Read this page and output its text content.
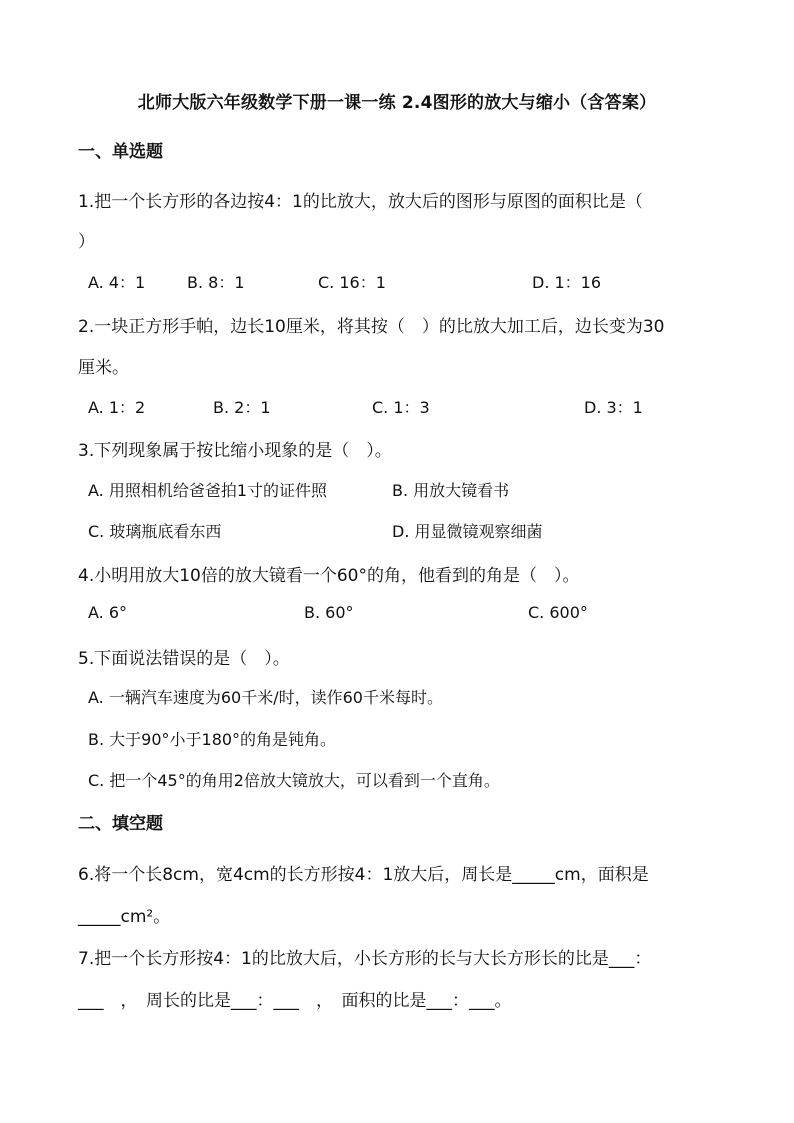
北师大版六年级数学下册一课一练 2.4图形的放大与缩小（含答案）
一、单选题
1.把一个长方形的各边按4：1的比放大，放大后的图形与原图的面积比是（
）
A. 4：1	B. 8：1	C. 16：1	D. 1：16
2.一块正方形手帕，边长10厘米，将其按（　）的比放大加工后，边长变为30
厘米。
A. 1：2	B. 2：1	C. 1：3	D. 3：1
3.下列现象属于按比缩小现象的是（　）。
A. 用照相机给爸爸拍1寸的证件照	B. 用放大镜看书
C. 玻璃瓶底看东西	D. 用显微镜观察细菌
4.小明用放大10倍的放大镜看一个60°的角，他看到的角是（　）。
A. 6°	B. 60°	C. 600°
5.下面说法错误的是（　）。
A. 一辆汽车速度为60千米/时，读作60千米每时。
B. 大于90°小于180°的角是钝角。
C. 把一个45°的角用2倍放大镜放大，可以看到一个直角。
二、填空题
6.将一个长8cm，宽4cm的长方形按4：1放大后，周长是_____cm，面积是
_____cm²。
7.把一个长方形按4：1的比放大后，小长方形的长与大长方形长的比是___：
___　，　周长的比是___：___　，　面积的比是___：___。
